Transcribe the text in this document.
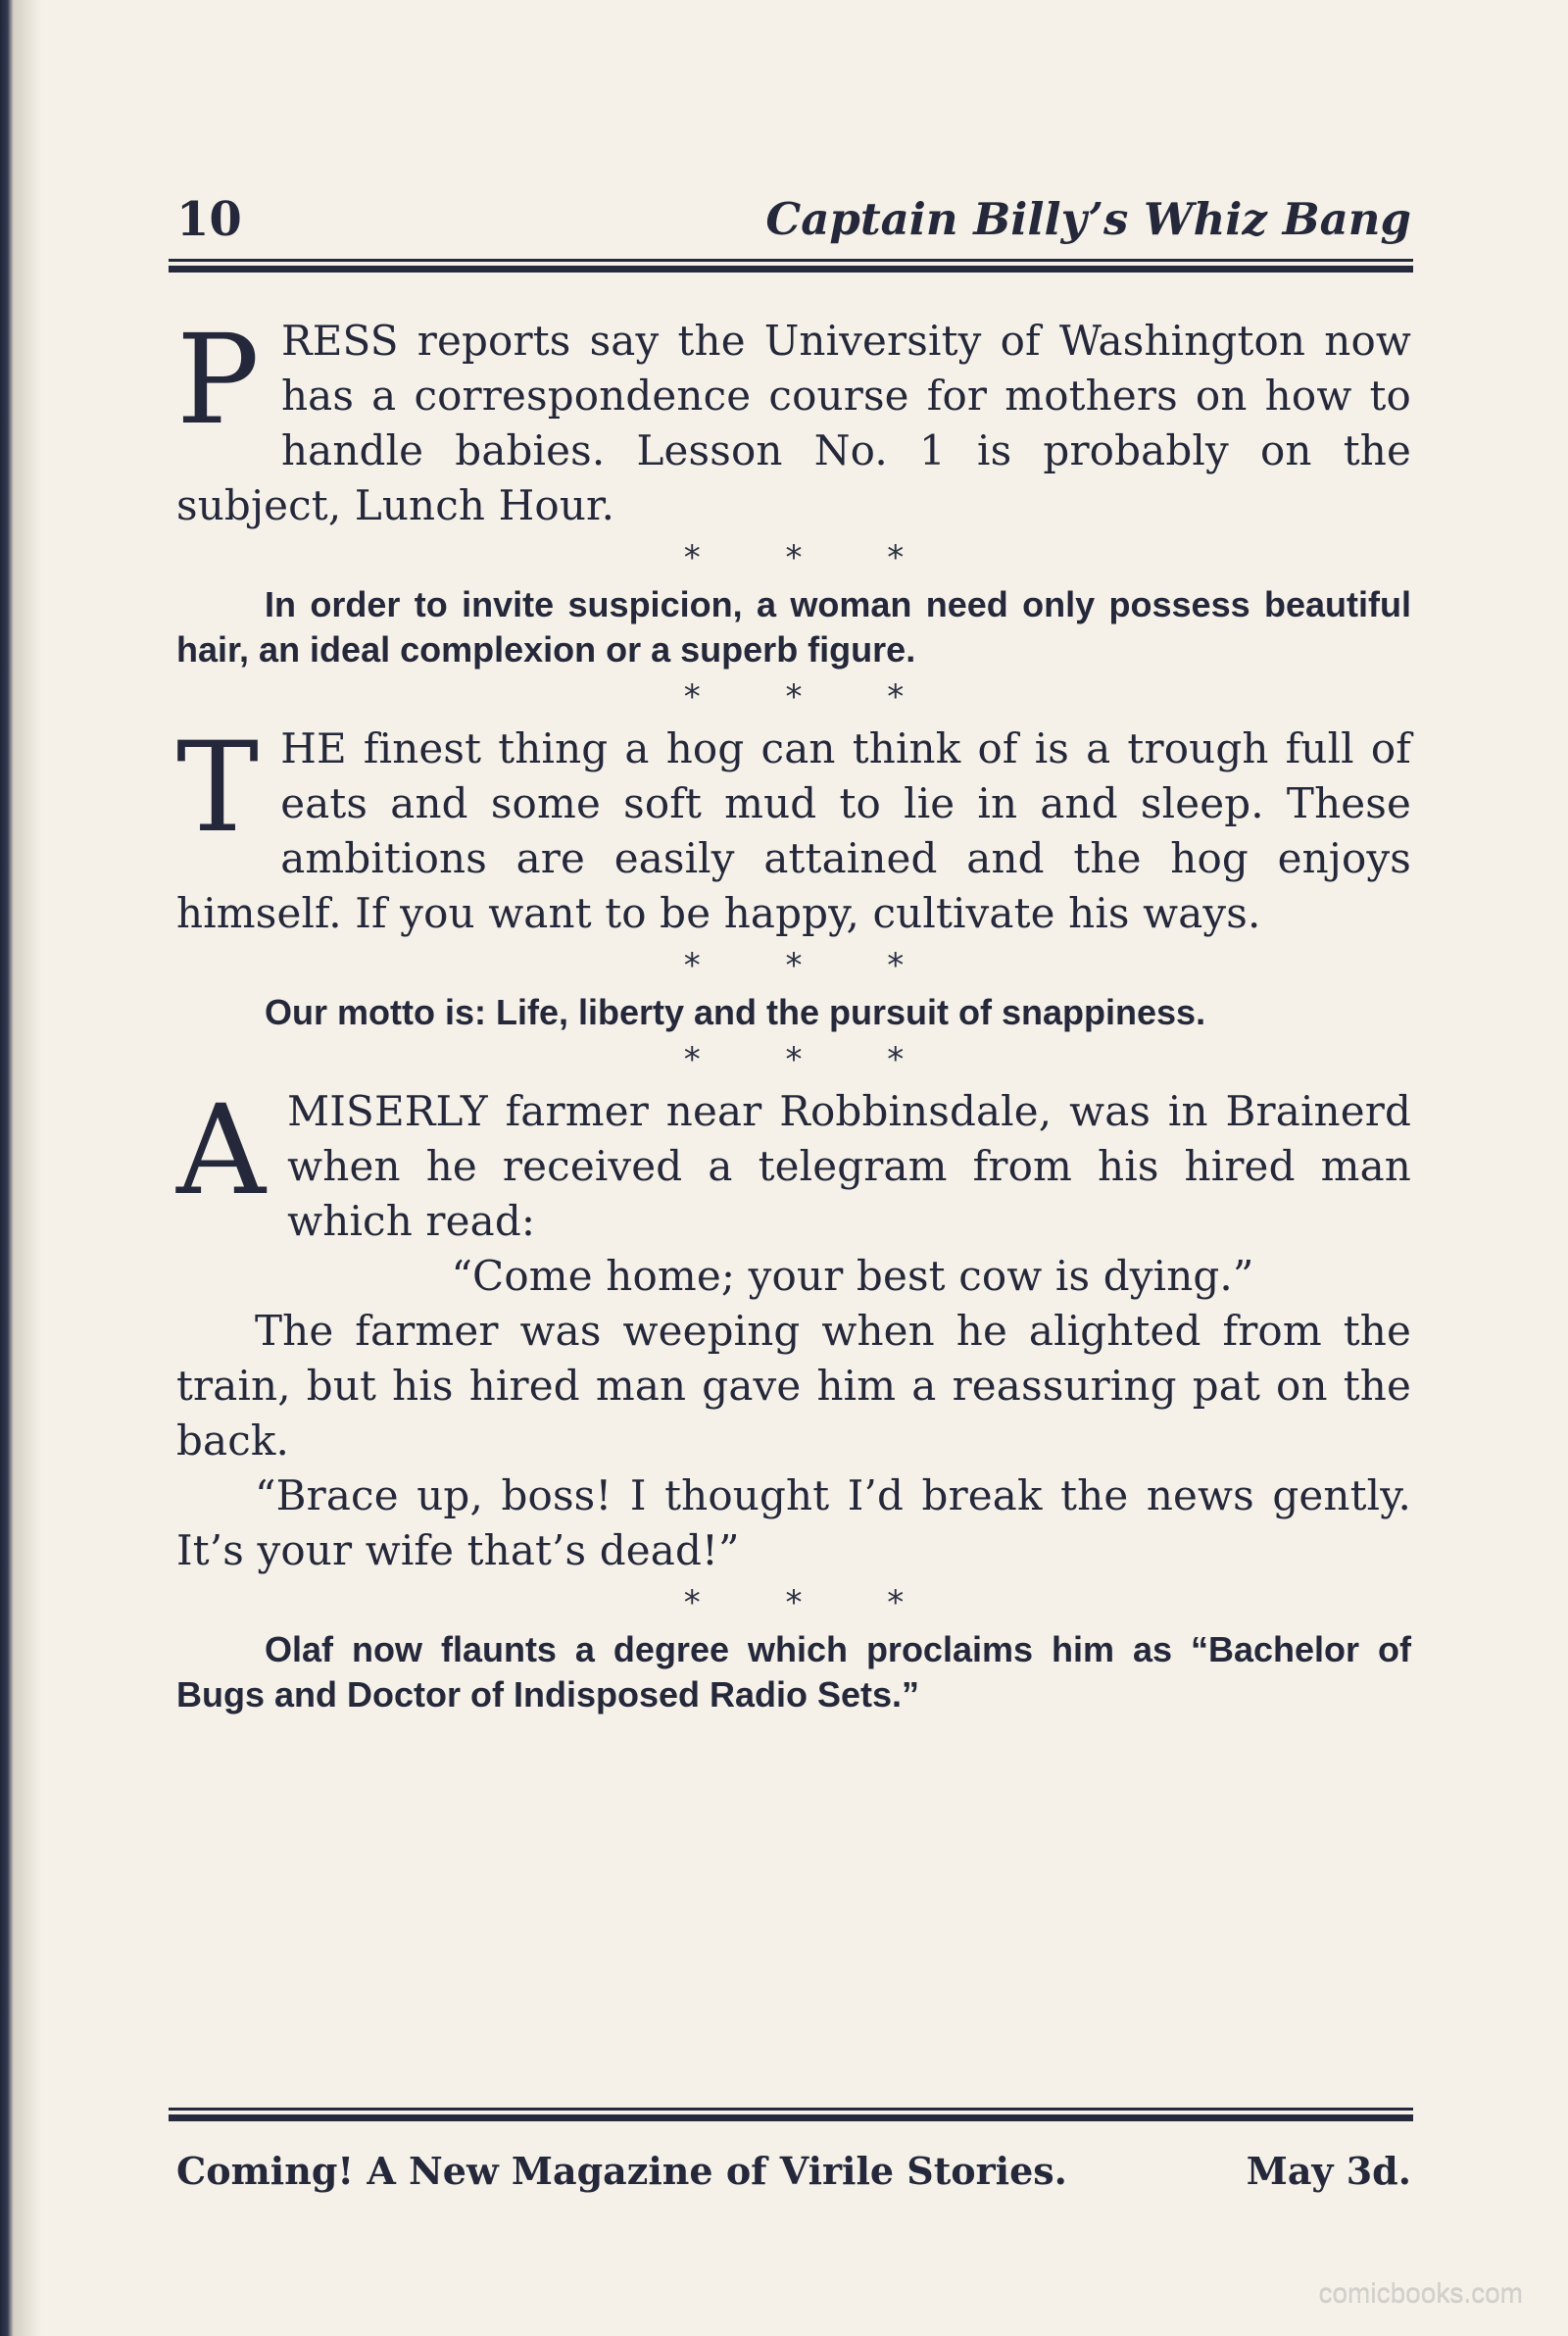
10	Captain Billy’s Whiz Bang

P RESS reports say the University of Washington now has a correspondence course for mothers on how to handle babies. Lesson No. 1 is probably on the subject, Lunch Hour.

* * *

In order to invite suspicion, a woman need only possess beautiful hair, an ideal complexion or a superb figure.

* * *

T HE finest thing a hog can think of is a trough full of eats and some soft mud to lie in and sleep. These ambitions are easily attained and the hog enjoys himself. If you want to be happy, cultivate his ways.

* * *

Our motto is: Life, liberty and the pursuit of snappiness.

* * *

A MISERLY farmer near Robbinsdale, was in Brainerd when he received a telegram from his hired man which read:
“Come home; your best cow is dying.”
The farmer was weeping when he alighted from the train, but his hired man gave him a reassuring pat on the back.
“Brace up, boss! I thought I’d break the news gently. It’s your wife that’s dead!”

* * *

Olaf now flaunts a degree which proclaims him as “Bachelor of Bugs and Doctor of Indisposed Radio Sets.”

Coming! A New Magazine of Virile Stories.	May 3d.
comicbooks.com
